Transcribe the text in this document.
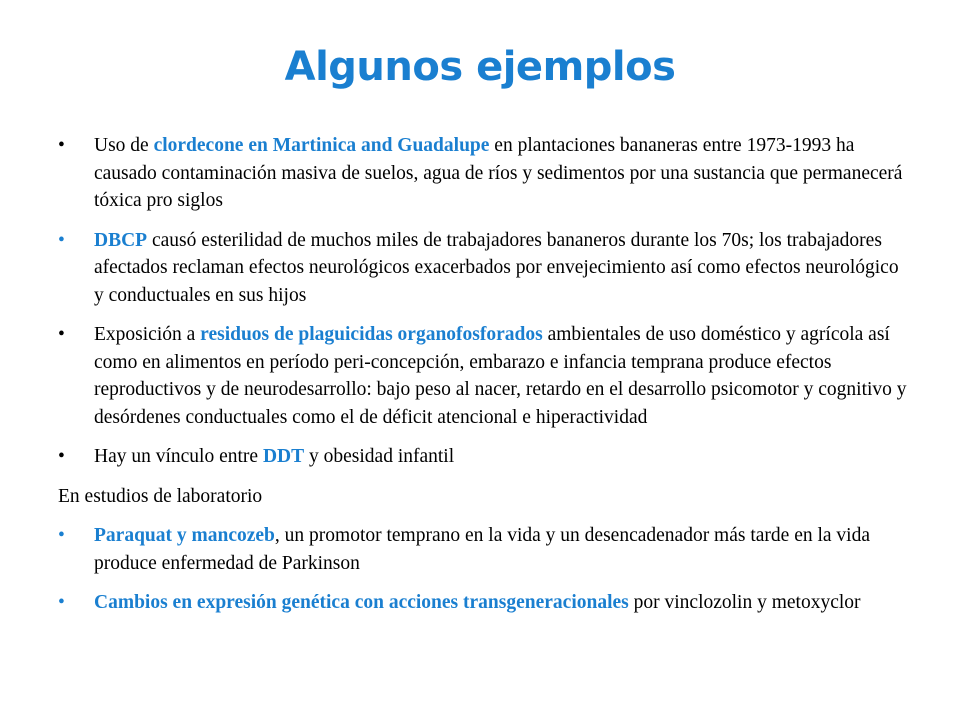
Algunos ejemplos
• Uso de clordecone en Martinica and Guadalupe en plantaciones bananeras entre 1973-1993 ha causado contaminación masiva de suelos, agua de ríos y sedimentos por una sustancia que permanecerá tóxica pro siglos
• DBCP causó esterilidad de muchos miles de trabajadores bananeros durante los 70s; los trabajadores afectados reclaman efectos neurológicos exacerbados por envejecimiento así como efectos neurológico y conductuales en sus hijos
• Exposición a residuos de plaguicidas organofosforados ambientales de uso doméstico y agrícola así como en alimentos en período peri-concepción, embarazo e infancia temprana produce efectos reproductivos y de neurodesarrollo: bajo peso al nacer, retardo en el desarrollo psicomotor y cognitivo y desórdenes conductuales como el de déficit atencional e hiperactividad
• Hay un vínculo entre DDT y obesidad infantil
En estudios de laboratorio
• Paraquat y mancozeb, un promotor temprano en la vida y un desencadenador más tarde en la vida produce enfermedad de Parkinson
• Cambios en expresión genética con acciones transgeneracionales por vinclozolin y metoxyclor
